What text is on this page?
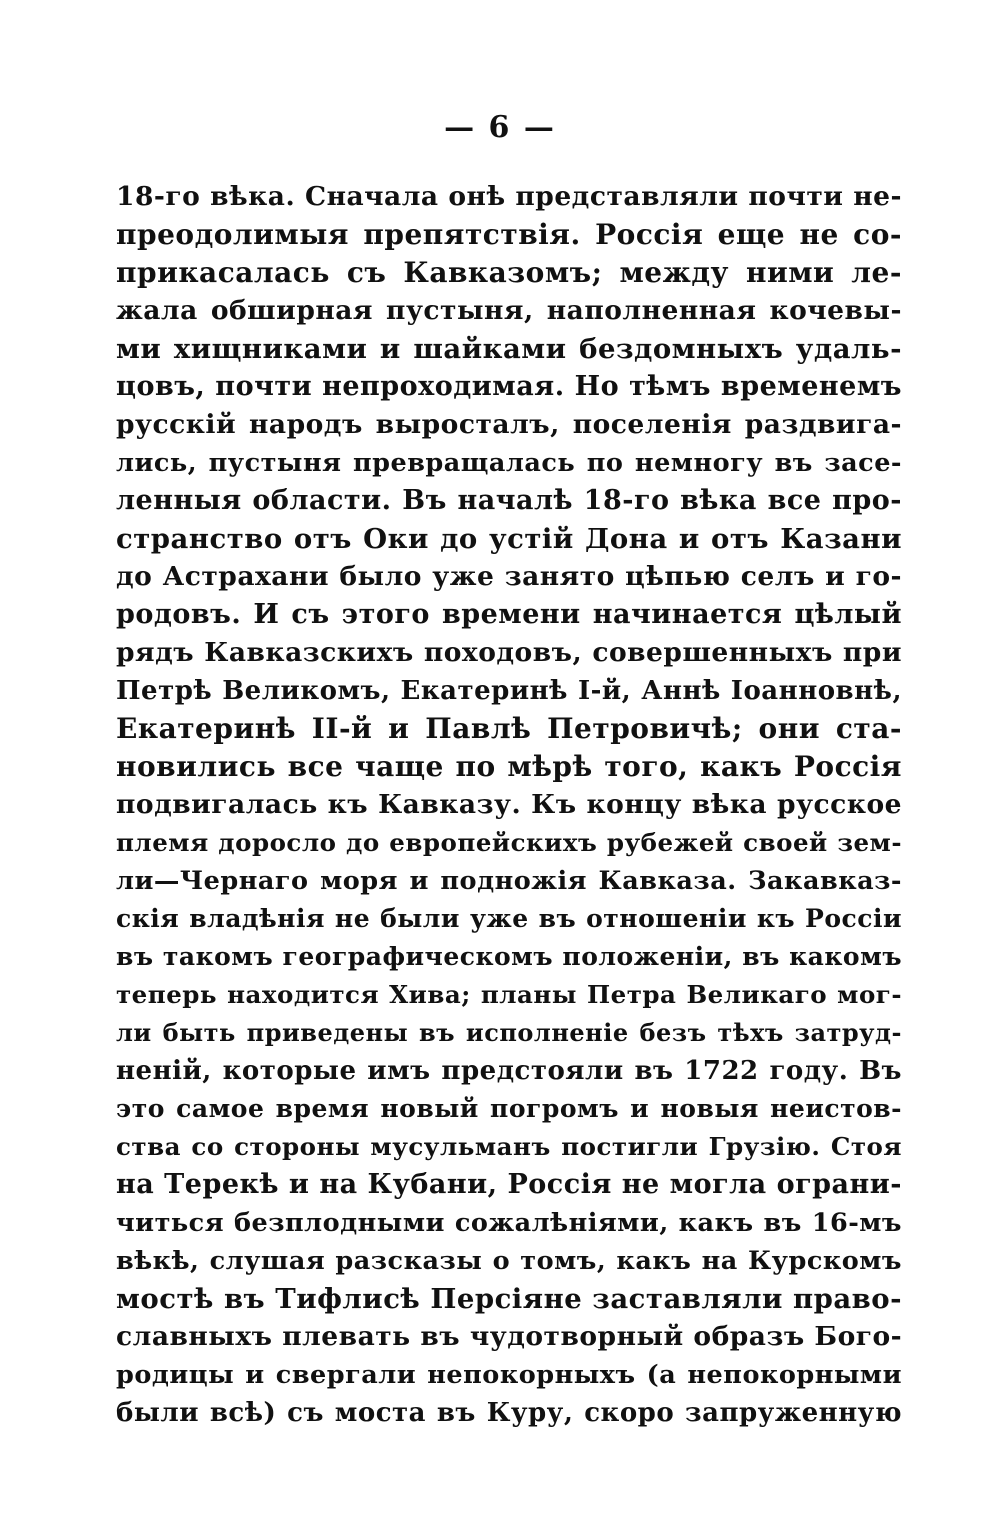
— 6 —
18-го вѣка. Сначала онѣ представляли почти не-
преодолимыя препятствія. Россія еще не со-
прикасалась съ Кавказомъ; между ними ле-
жала обширная пустыня, наполненная кочевы-
ми хищниками и шайками бездомныхъ удаль-
цовъ, почти непроходимая. Но тѣмъ временемъ
русскій народъ выросталъ, поселенія раздвига-
лись, пустыня превращалась по немногу въ засе-
ленныя области. Въ началѣ 18-го вѣка все про-
странство отъ Оки до устій Дона и отъ Казани
до Астрахани было уже занято цѣпью селъ и го-
родовъ. И съ этого времени начинается цѣлый
рядъ Кавказскихъ походовъ, совершенныхъ при
Петрѣ Великомъ, Екатеринѣ I-й, Аннѣ Іоанновнѣ,
Екатеринѣ II-й и Павлѣ Петровичѣ; они ста-
новились все чаще по мѣрѣ того, какъ Россія
подвигалась къ Кавказу. Къ концу вѣка русское
племя доросло до европейскихъ рубежей своей зем-
ли—Чернаго моря и подножія Кавказа. Закавказ-
скія владѣнія не были уже въ отношеніи къ Россіи
въ такомъ географическомъ положеніи, въ какомъ
теперь находится Хива; планы Петра Великаго мог-
ли быть приведены въ исполненіе безъ тѣхъ затруд-
неній, которые имъ предстояли въ 1722 году. Въ
это самое время новый погромъ и новыя неистов-
ства со стороны мусульманъ постигли Грузію. Стоя
на Терекѣ и на Кубани, Россія не могла ограни-
читься безплодными сожалѣніями, какъ въ 16-мъ
вѣкѣ, слушая разсказы о томъ, какъ на Курскомъ
мостѣ въ Тифлисѣ Персіяне заставляли право-
славныхъ плевать въ чудотворный образъ Бого-
родицы и свергали непокорныхъ (а непокорными
были всѣ) съ моста въ Куру, скоро запруженную
